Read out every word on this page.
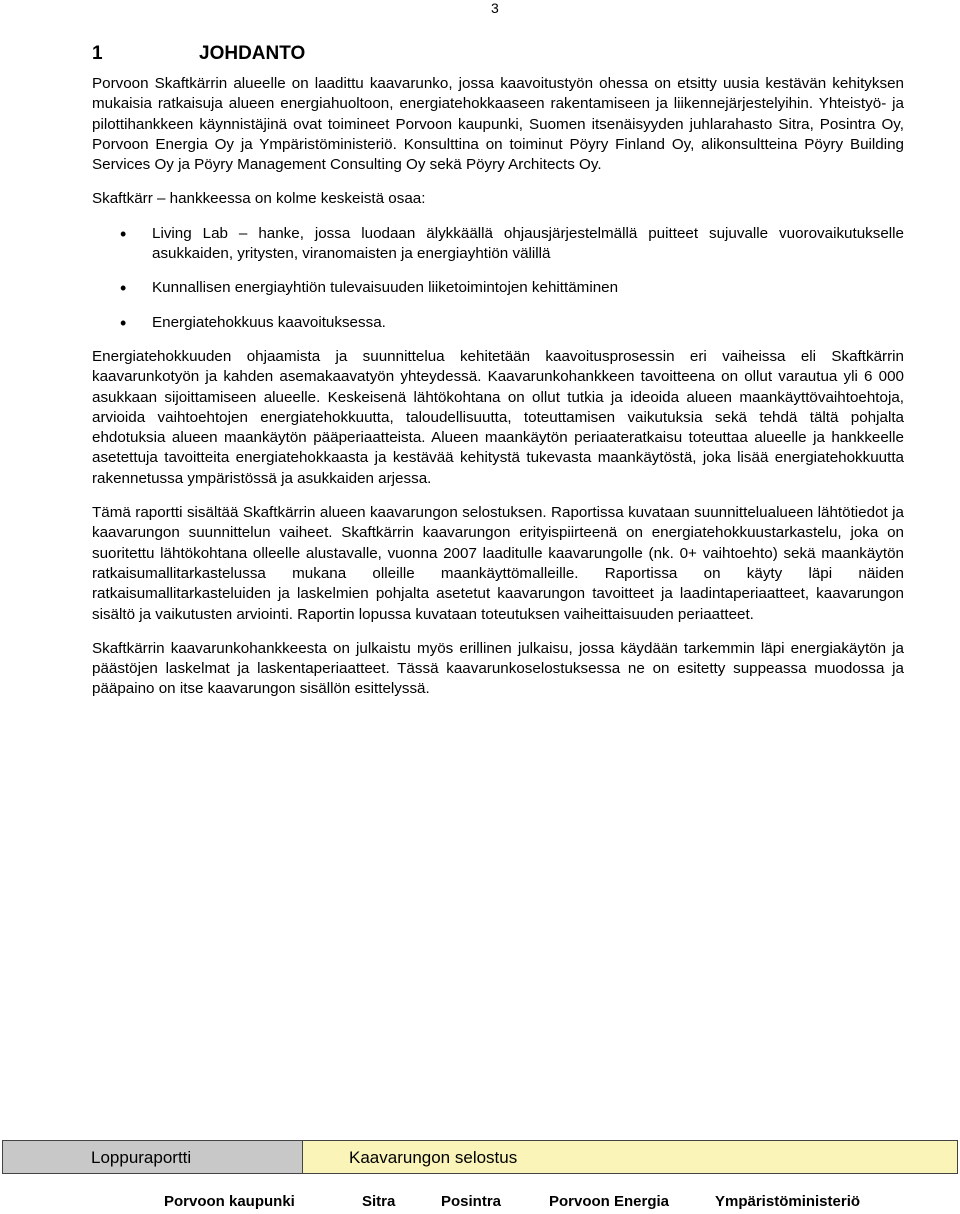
3
1	JOHDANTO

Porvoon Skaftkärrin alueelle on laadittu kaavarunko, jossa kaavoitustyön ohessa on etsitty uusia kestävän kehityksen mukaisia ratkaisuja alueen energiahuoltoon, energiatehokkaaseen rakentamiseen ja liikennejärjestelyihin. Yhteistyö- ja pilottihankkeen käynnistäjinä ovat toimineet Porvoon kaupunki, Suomen itsenäisyyden juhlarahasto Sitra, Posintra Oy, Porvoon Energia Oy ja Ympäristöministeriö. Konsulttina on toiminut Pöyry Finland Oy, alikonsultteina Pöyry Building Services Oy ja Pöyry Management Consulting Oy sekä Pöyry Architects Oy.

Skaftkärr – hankkeessa on kolme keskeistä osaa:

• Living Lab – hanke, jossa luodaan älykkäällä ohjausjärjestelmällä puitteet sujuvalle vuorovaikutukselle asukkaiden, yritysten, viranomaisten ja energiayhtiön välillä
• Kunnallisen energiayhtiön tulevaisuuden liiketoimintojen kehittäminen
• Energiatehokkuus kaavoituksessa.

Energiatehokkuuden ohjaamista ja suunnittelua kehitetään kaavoitusprosessin eri vaiheissa eli Skaftkärrin kaavarunkotyön ja kahden asemakaavatyön yhteydessä. Kaavarunkohankkeen tavoitteena on ollut varautua yli 6 000 asukkaan sijoittamiseen alueelle. Keskeisenä lähtökohtana on ollut tutkia ja ideoida alueen maankäyttövaihtoehtoja, arvioida vaihtoehtojen energiatehokkuutta, taloudellisuutta, toteuttamisen vaikutuksia sekä tehdä tältä pohjalta ehdotuksia alueen maankäytön pääperiaatteista. Alueen maankäytön periaateratkaisu toteuttaa alueelle ja hankkeelle asetettuja tavoitteita energiatehokkaasta ja kestävää kehitystä tukevasta maankäytöstä, joka lisää energiatehokkuutta rakennetussa ympäristössä ja asukkaiden arjessa.

Tämä raportti sisältää Skaftkärrin alueen kaavarungon selostuksen. Raportissa kuvataan suunnittelualueen lähtötiedot ja kaavarungon suunnittelun vaiheet. Skaftkärrin kaavarungon erityispiirteenä on energiatehokkuustarkastelu, joka on suoritettu lähtökohtana olleelle alustavalle, vuonna 2007 laaditulle kaavarungolle (nk. 0+ vaihtoehto) sekä maankäytön ratkaisumallitarkastelussa mukana olleille maankäyttömalleille. Raportissa on käyty läpi näiden ratkaisumallitarkasteluiden ja laskelmien pohjalta asetetut kaavarungon tavoitteet ja laadintaperiaatteet, kaavarungon sisältö ja vaikutusten arviointi. Raportin lopussa kuvataan toteutuksen vaiheittaisuuden periaatteet.

Skaftkärrin kaavarunkohankkeesta on julkaistu myös erillinen julkaisu, jossa käydään tarkemmin läpi energiakäytön ja päästöjen laskelmat ja laskentaperiaatteet. Tässä kaavarunkoselostuksessa ne on esitetty suppeassa muodossa ja pääpaino on itse kaavarungon sisällön esittelyssä.

Loppuraportti	Kaavarungon selostus
Porvoon kaupunki	Sitra	Posintra	Porvoon Energia	Ympäristöministeriö
